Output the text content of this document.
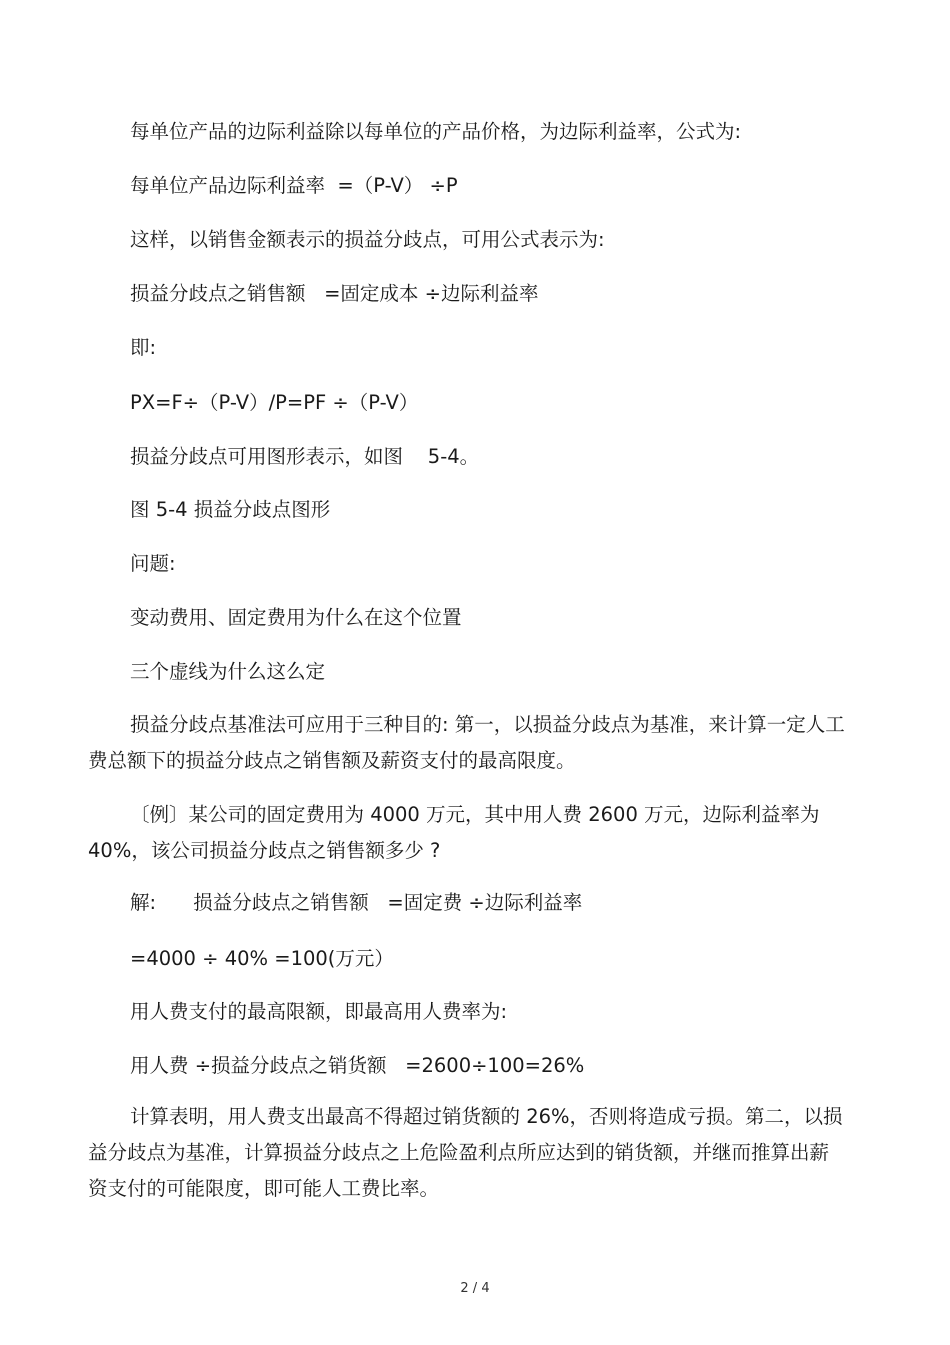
每单位产品的边际利益除以每单位的产品价格，为边际利益率，公式为:
每单位产品边际利益率  =（P-V） ÷P
这样，以销售金额表示的损益分歧点，可用公式表示为:
损益分歧点之销售额   =固定成本 ÷边际利益率
即:
PX=F÷（P-V）/P=PF ÷（P-V）
损益分歧点可用图形表示，如图    5-4。
图 5-4 损益分歧点图形
问题:
变动费用、固定费用为什么在这个位置
三个虚线为什么这么定
损益分歧点基准法可应用于三种目的: 第一，以损益分歧点为基准，来计算一定人工费总额下的损益分歧点之销售额及薪资支付的最高限度。
〔例〕某公司的固定费用为 4000 万元，其中用人费 2600 万元，边际利益率为 40%，该公司损益分歧点之销售额多少 ?
解:      损益分歧点之销售额   =固定费 ÷边际利益率
=4000 ÷ 40% =100(万元）
用人费支付的最高限额，即最高用人费率为:
用人费 ÷损益分歧点之销货额   =2600÷100=26%
计算表明，用人费支出最高不得超过销货额的 26%，否则将造成亏损。第二，以损益分歧点为基准，计算损益分歧点之上危险盈利点所应达到的销货额，并继而推算出薪资支付的可能限度，即可能人工费比率。
2 / 4
